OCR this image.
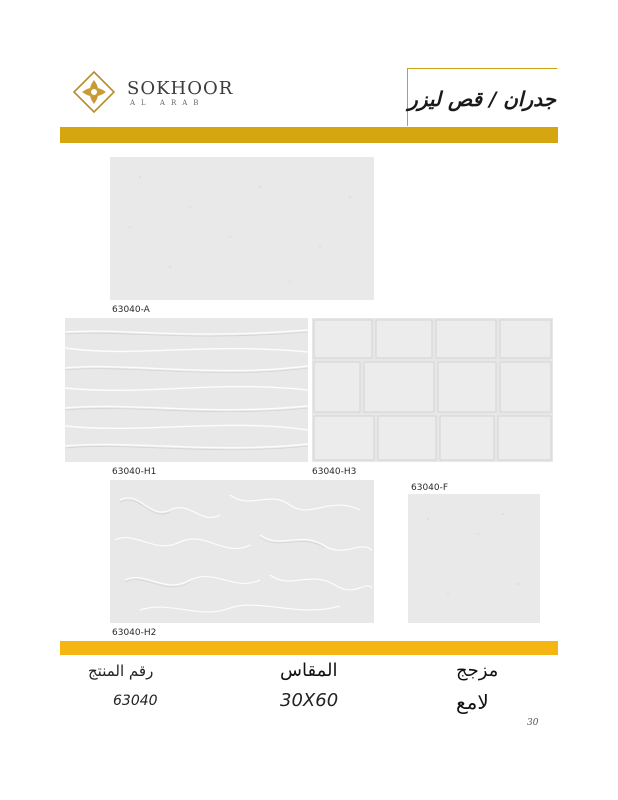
SOKHOOR
AL ARAB	جدران / قص ليزر
63040-A
63040-H1	63040-H3
63040-F
63040-H2
رقم المنتج
63040
المقاس
30X60
مزجج
لامع
30
